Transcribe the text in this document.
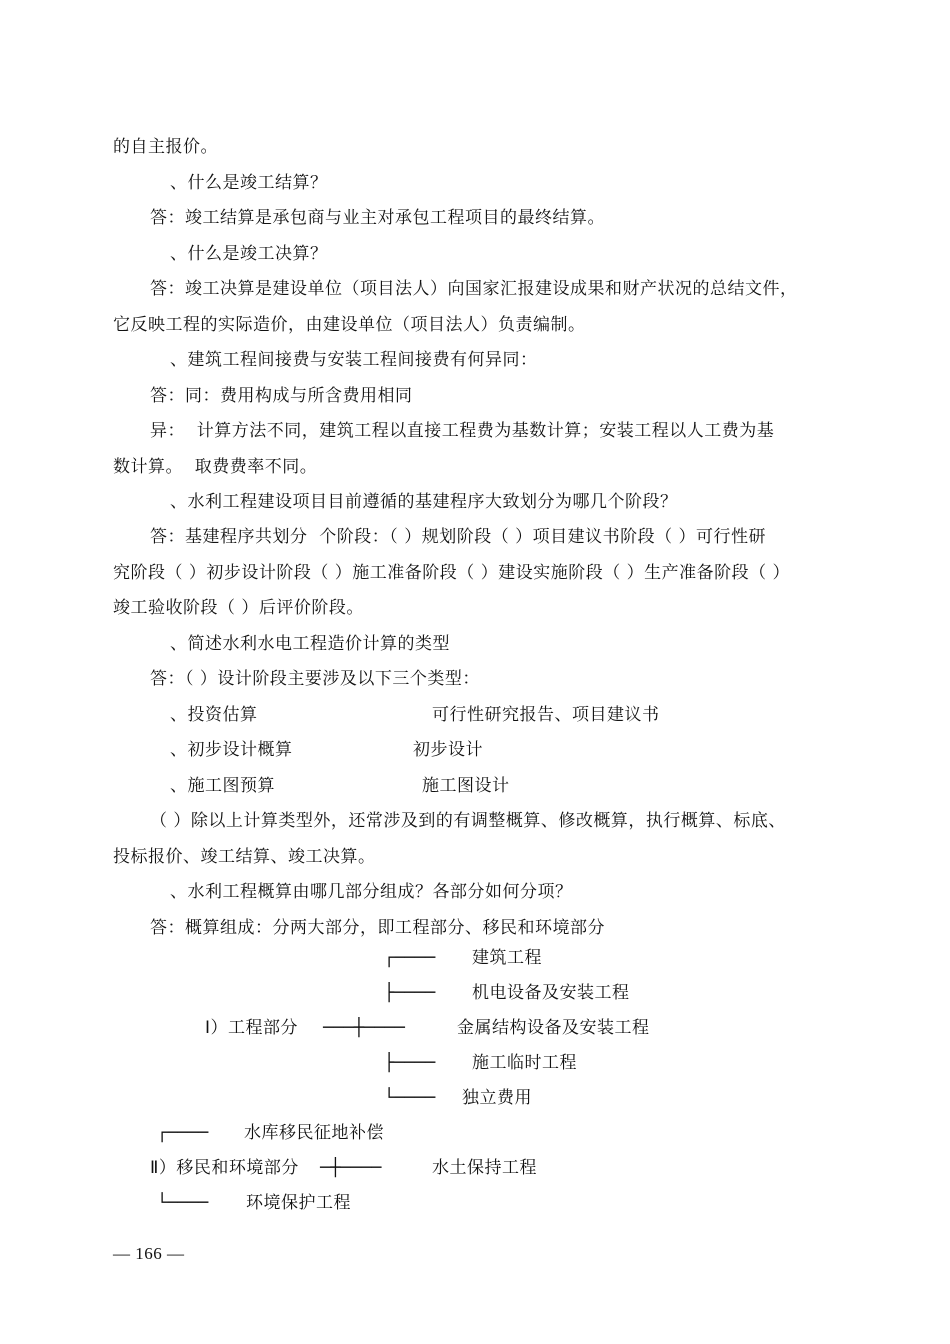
的自主报价。
、什么是竣工结算？
答：竣工结算是承包商与业主对承包工程项目的最终结算。
、什么是竣工决算？
答：竣工决算是建设单位（项目法人）向国家汇报建设成果和财产状况的总结文件，
它反映工程的实际造价，由建设单位（项目法人）负责编制。
、建筑工程间接费与安装工程间接费有何异同：
答：同：费用构成与所含费用相同
异：  计算方法不同，建筑工程以直接工程费为基数计算；安装工程以人工费为基
数计算。  取费费率不同。
、水利工程建设项目目前遵循的基建程序大致划分为哪几个阶段？
答：基建程序共划分  个阶段：（ ）规划阶段（ ）项目建议书阶段（ ）可行性研
究阶段（ ）初步设计阶段（ ）施工准备阶段（ ）建设实施阶段（ ）生产准备阶段（ ）
竣工验收阶段（ ）后评价阶段。
、简述水利水电工程造价计算的类型
答：（ ）设计阶段主要涉及以下三个类型：
、投资估算	可行性研究报告、项目建议书
、初步设计概算	初步设计
、施工图预算	施工图设计
（ ）除以上计算类型外，还常涉及到的有调整概算、修改概算，执行概算、标底、
投标报价、竣工结算、竣工决算。
、水利工程概算由哪几部分组成？各部分如何分项？
答：概算组成：分两大部分，即工程部分、移民和环境部分
┌──── 建筑工程
├──── 机电设备及安装工程
Ⅰ）工程部分 ───┼────	金属结构设备及安装工程
├──── 施工临时工程
└──── 独立费用
┌──── 水库移民征地补偿
Ⅱ）移民和环境部分 ─┼────	水土保持工程
└──── 环境保护工程
— 166 —
